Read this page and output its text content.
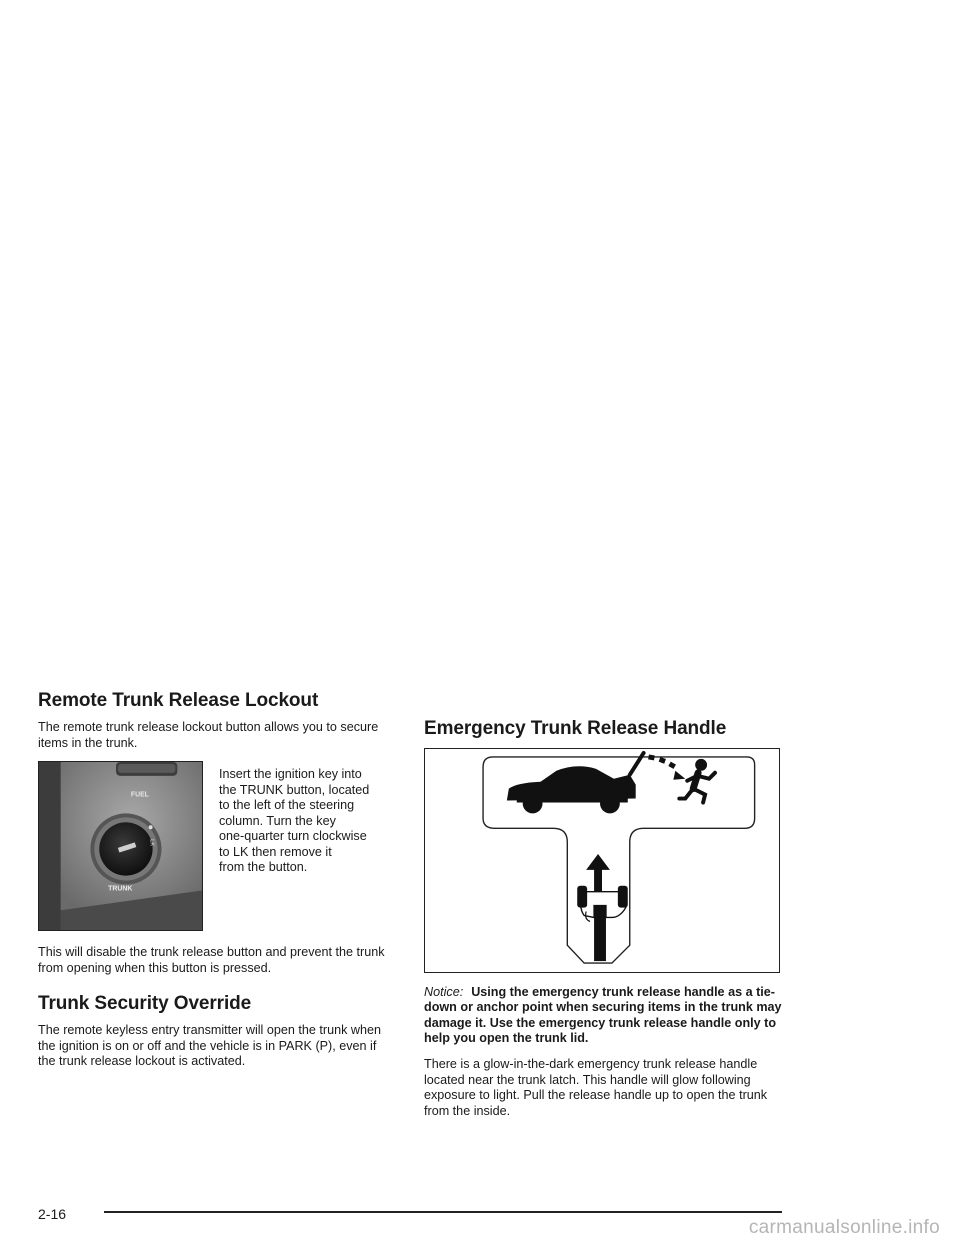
Remote Trunk Release Lockout

The remote trunk release lockout button allows you to secure items in the trunk.

FUEL
LK
TRUNK
Insert the ignition key into
the TRUNK button, located
to the left of the steering
column. Turn the key
one-quarter turn clockwise
to LK then remove it
from the button.

This will disable the trunk release button and prevent the trunk from opening when this button is pressed.

Trunk Security Override

The remote keyless entry transmitter will open the trunk when the ignition is on or off and the vehicle is in PARK (P), even if the trunk release lockout is activated.

Emergency Trunk Release Handle
Notice: Using the emergency trunk release handle as a tie-down or anchor point when securing items in the trunk may damage it. Use the emergency trunk release handle only to help you open the trunk lid.

There is a glow-in-the-dark emergency trunk release handle located near the trunk latch. This handle will glow following exposure to light. Pull the release handle up to open the trunk from the inside.

2-16
carmanualsonline.info
